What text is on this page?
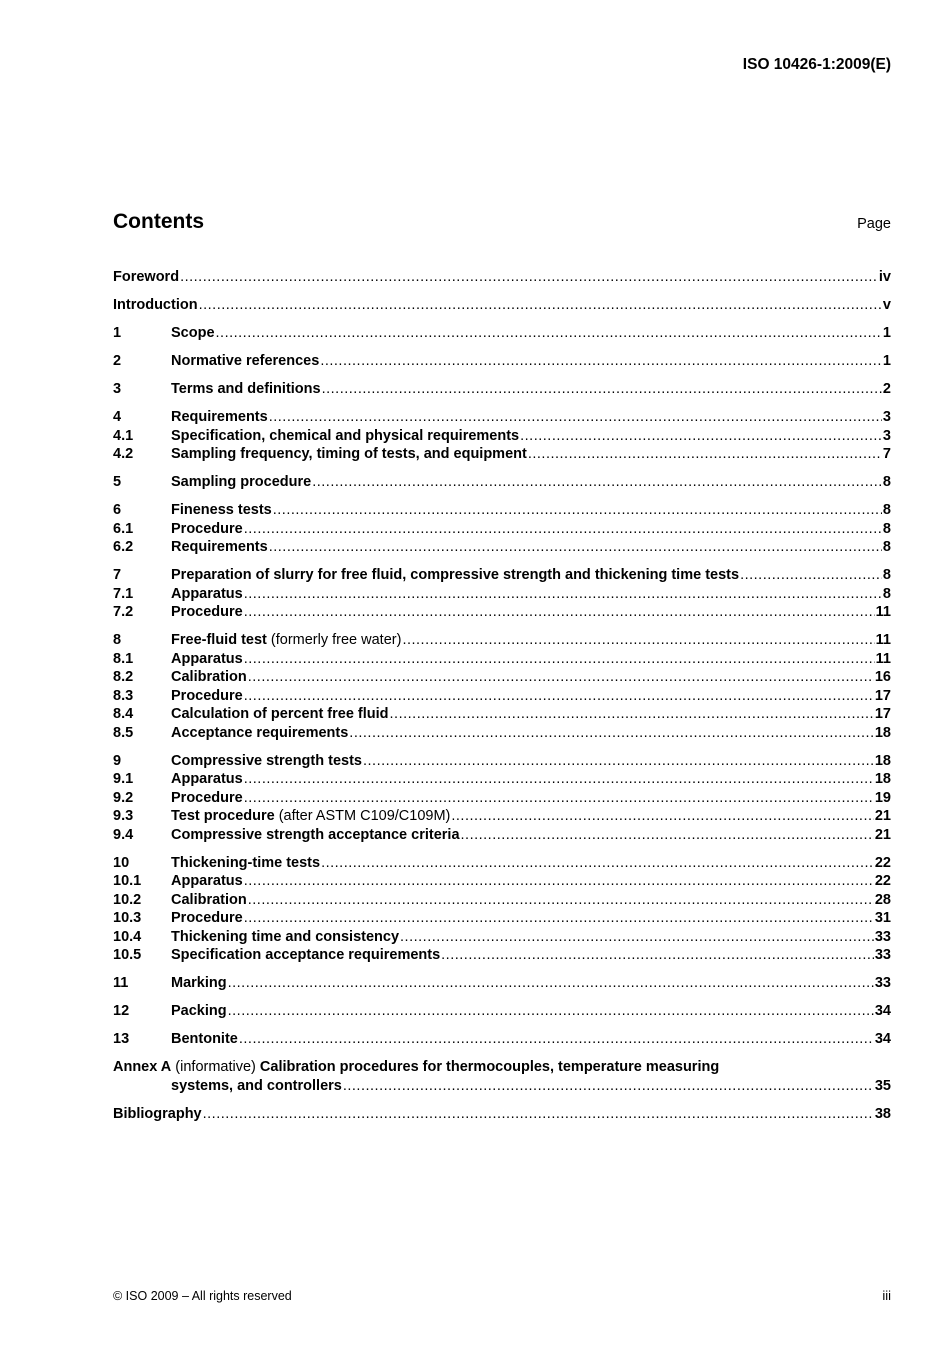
ISO 10426-1:2009(E)
Contents	Page
Foreword .....	iv
Introduction .....	v
1	Scope .....	1
2	Normative references .....	1
3	Terms and definitions .....	2
4	Requirements .....	3
4.1	Specification, chemical and physical requirements .....	3
4.2	Sampling frequency, timing of tests, and equipment .....	7
5	Sampling procedure .....	8
6	Fineness tests .....	8
6.1	Procedure .....	8
6.2	Requirements .....	8
7	Preparation of slurry for free fluid, compressive strength and thickening time tests .....	8
7.1	Apparatus .....	8
7.2	Procedure .....	11
8	Free-fluid test (formerly free water) .....	11
8.1	Apparatus .....	11
8.2	Calibration .....	16
8.3	Procedure .....	17
8.4	Calculation of percent free fluid .....	17
8.5	Acceptance requirements .....	18
9	Compressive strength tests .....	18
9.1	Apparatus .....	18
9.2	Procedure .....	19
9.3	Test procedure (after ASTM C109/C109M) .....	21
9.4	Compressive strength acceptance criteria .....	21
10	Thickening-time tests .....	22
10.1	Apparatus .....	22
10.2	Calibration .....	28
10.3	Procedure .....	31
10.4	Thickening time and consistency .....	33
10.5	Specification acceptance requirements .....	33
11	Marking .....	33
12	Packing .....	34
13	Bentonite .....	34
Annex A (informative) Calibration procedures for thermocouples, temperature measuring
systems, and controllers .....	35
Bibliography .....	38
© ISO 2009 – All rights reserved	iii
